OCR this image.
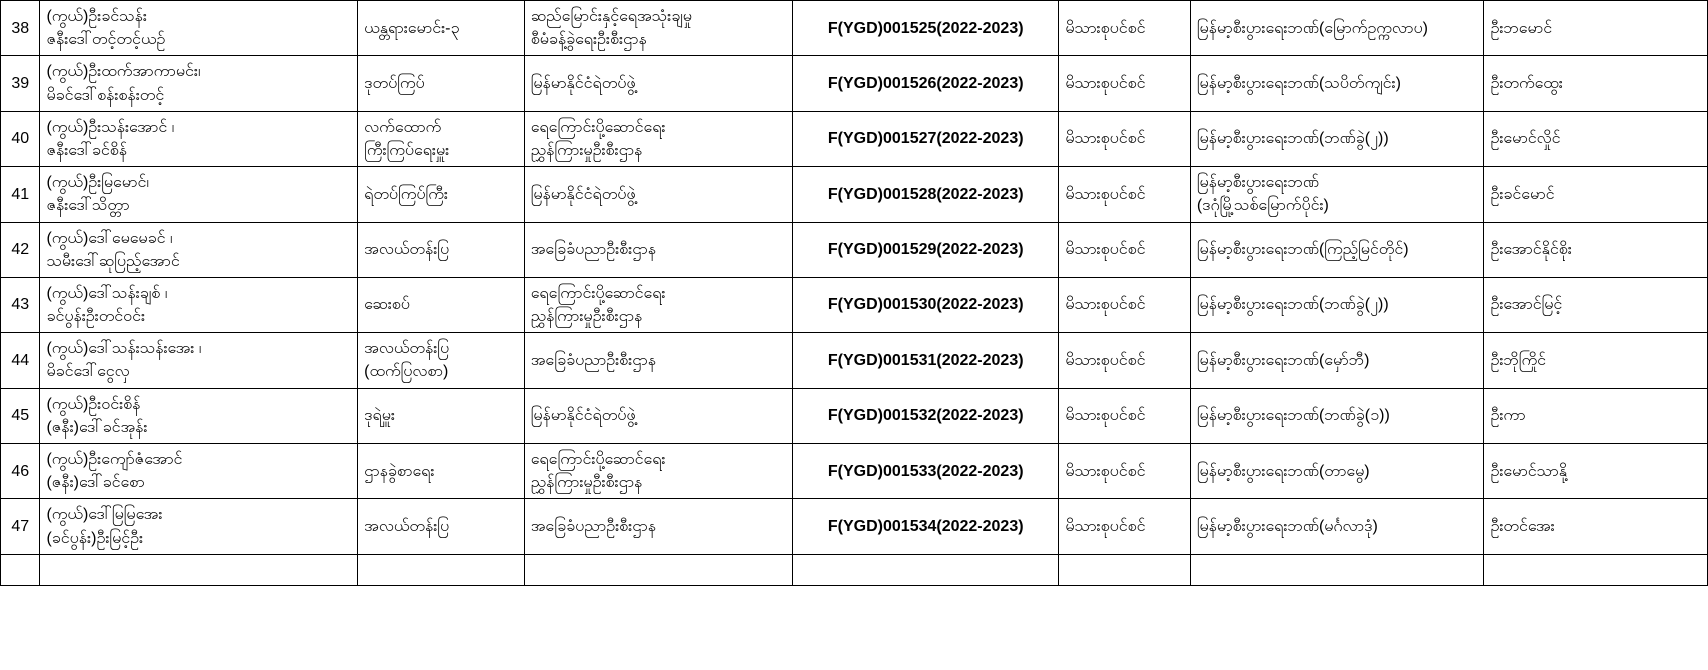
38	(ကွယ်)ဦးခင်သန်း
ဇနီးဒေါ်တင့်တင့်ယဉ်	ယန္တရားမောင်း-၃	ဆည်မြောင်းနှင့်ရေအသုံးချမှု
စီမံခန့်ခွဲရေးဦးစီးဌာန	F(YGD)001525(2022-2023)	မိသားစုပင်စင်	မြန်မာ့စီးပွားရေးဘဏ်(မြောက်ဥက္ကလာပ)	ဦးဘမောင်

39	(ကွယ်)ဦးထက်အာကာမင်း၊
မိခင်ဒေါ်စန်းစန်းတင့်	ဒုတပ်ကြပ်	မြန်မာနိုင်ငံရဲတပ်ဖွဲ့	F(YGD)001526(2022-2023)	မိသားစုပင်စင်	မြန်မာ့စီးပွားရေးဘဏ်(သပိတ်ကျင်း)	ဦးတက်ထွေး

40	(ကွယ်)ဦးသန်းအောင် ၊
ဇနီးဒေါ်ခင်စိန်	လက်ထောက်
ကြီးကြပ်ရေးမှူး	ရေကြောင်းပို့ဆောင်ရေး
ညွှန်ကြားမှုဦးစီးဌာန	F(YGD)001527(2022-2023)	မိသားစုပင်စင်	မြန်မာ့စီးပွားရေးဘဏ်(ဘဏ်ခွဲ(၂))	ဦးမောင်လှိုင်

41	(ကွယ်)ဦးမြမောင်၊
ဇနီးဒေါ်သိတ္တာ	ရဲတပ်ကြပ်ကြီး	မြန်မာနိုင်ငံရဲတပ်ဖွဲ့	F(YGD)001528(2022-2023)	မိသားစုပင်စင်	မြန်မာ့စီးပွားရေးဘဏ်
(ဒဂုံမြို့သစ်မြောက်ပိုင်း)	ဦးခင်မောင်

42	(ကွယ်)ဒေါ်မေမေခင် ၊
သမီးဒေါ်ဆုပြည့်အောင်	အလယ်တန်းပြ	အခြေခံပညာဦးစီးဌာန	F(YGD)001529(2022-2023)	မိသားစုပင်စင်	မြန်မာ့စီးပွားရေးဘဏ်(ကြည့်မြင်တိုင်)	ဦးအောင်နိုင်စိုး

43	(ကွယ်)ဒေါ်သန်းချစ် ၊
ခင်ပွန်းဦးတင်ဝင်း	ဆေးစပ်	ရေကြောင်းပို့ဆောင်ရေး
ညွှန်ကြားမှုဦးစီးဌာန	F(YGD)001530(2022-2023)	မိသားစုပင်စင်	မြန်မာ့စီးပွားရေးဘဏ်(ဘဏ်ခွဲ(၂))	ဦးအောင်မြင့်

44	(ကွယ်)ဒေါ်သန်းသန်းအေး ၊
မိခင်ဒေါ်ငွေလှ	အလယ်တန်းပြ
(ထက်ပြလစာ)	အခြေခံပညာဦးစီးဌာန	F(YGD)001531(2022-2023)	မိသားစုပင်စင်	မြန်မာ့စီးပွားရေးဘဏ်(မှော်ဘီ)	ဦးဘိုကြိုင်

45	(ကွယ်)ဦးဝင်းစိန်
(ဇနီး)ဒေါ်ခင်အုန်း	ဒုရဲမှူး	မြန်မာနိုင်ငံရဲတပ်ဖွဲ့	F(YGD)001532(2022-2023)	မိသားစုပင်စင်	မြန်မာ့စီးပွားရေးဘဏ်(ဘဏ်ခွဲ(၁))	ဦးကာ

46	(ကွယ်)ဦးကျော်ဇံအောင်
(ဇနီး)ဒေါ်ခင်စော	ဌာနခွဲစာရေး	ရေကြောင်းပို့ဆောင်ရေး
ညွှန်ကြားမှုဦးစီးဌာန	F(YGD)001533(2022-2023)	မိသားစုပင်စင်	မြန်မာ့စီးပွားရေးဘဏ်(တာမွေ)	ဦးမောင်သာနို့

47	(ကွယ်)ဒေါ်မြမြအေး
(ခင်ပွန်း)ဦးမြင့်ဦး	အလယ်တန်းပြ	အခြေခံပညာဦးစီးဌာန	F(YGD)001534(2022-2023)	မိသားစုပင်စင်	မြန်မာ့စီးပွားရေးဘဏ်(မင်္ဂလာဒုံ)	ဦးတင်အေး
